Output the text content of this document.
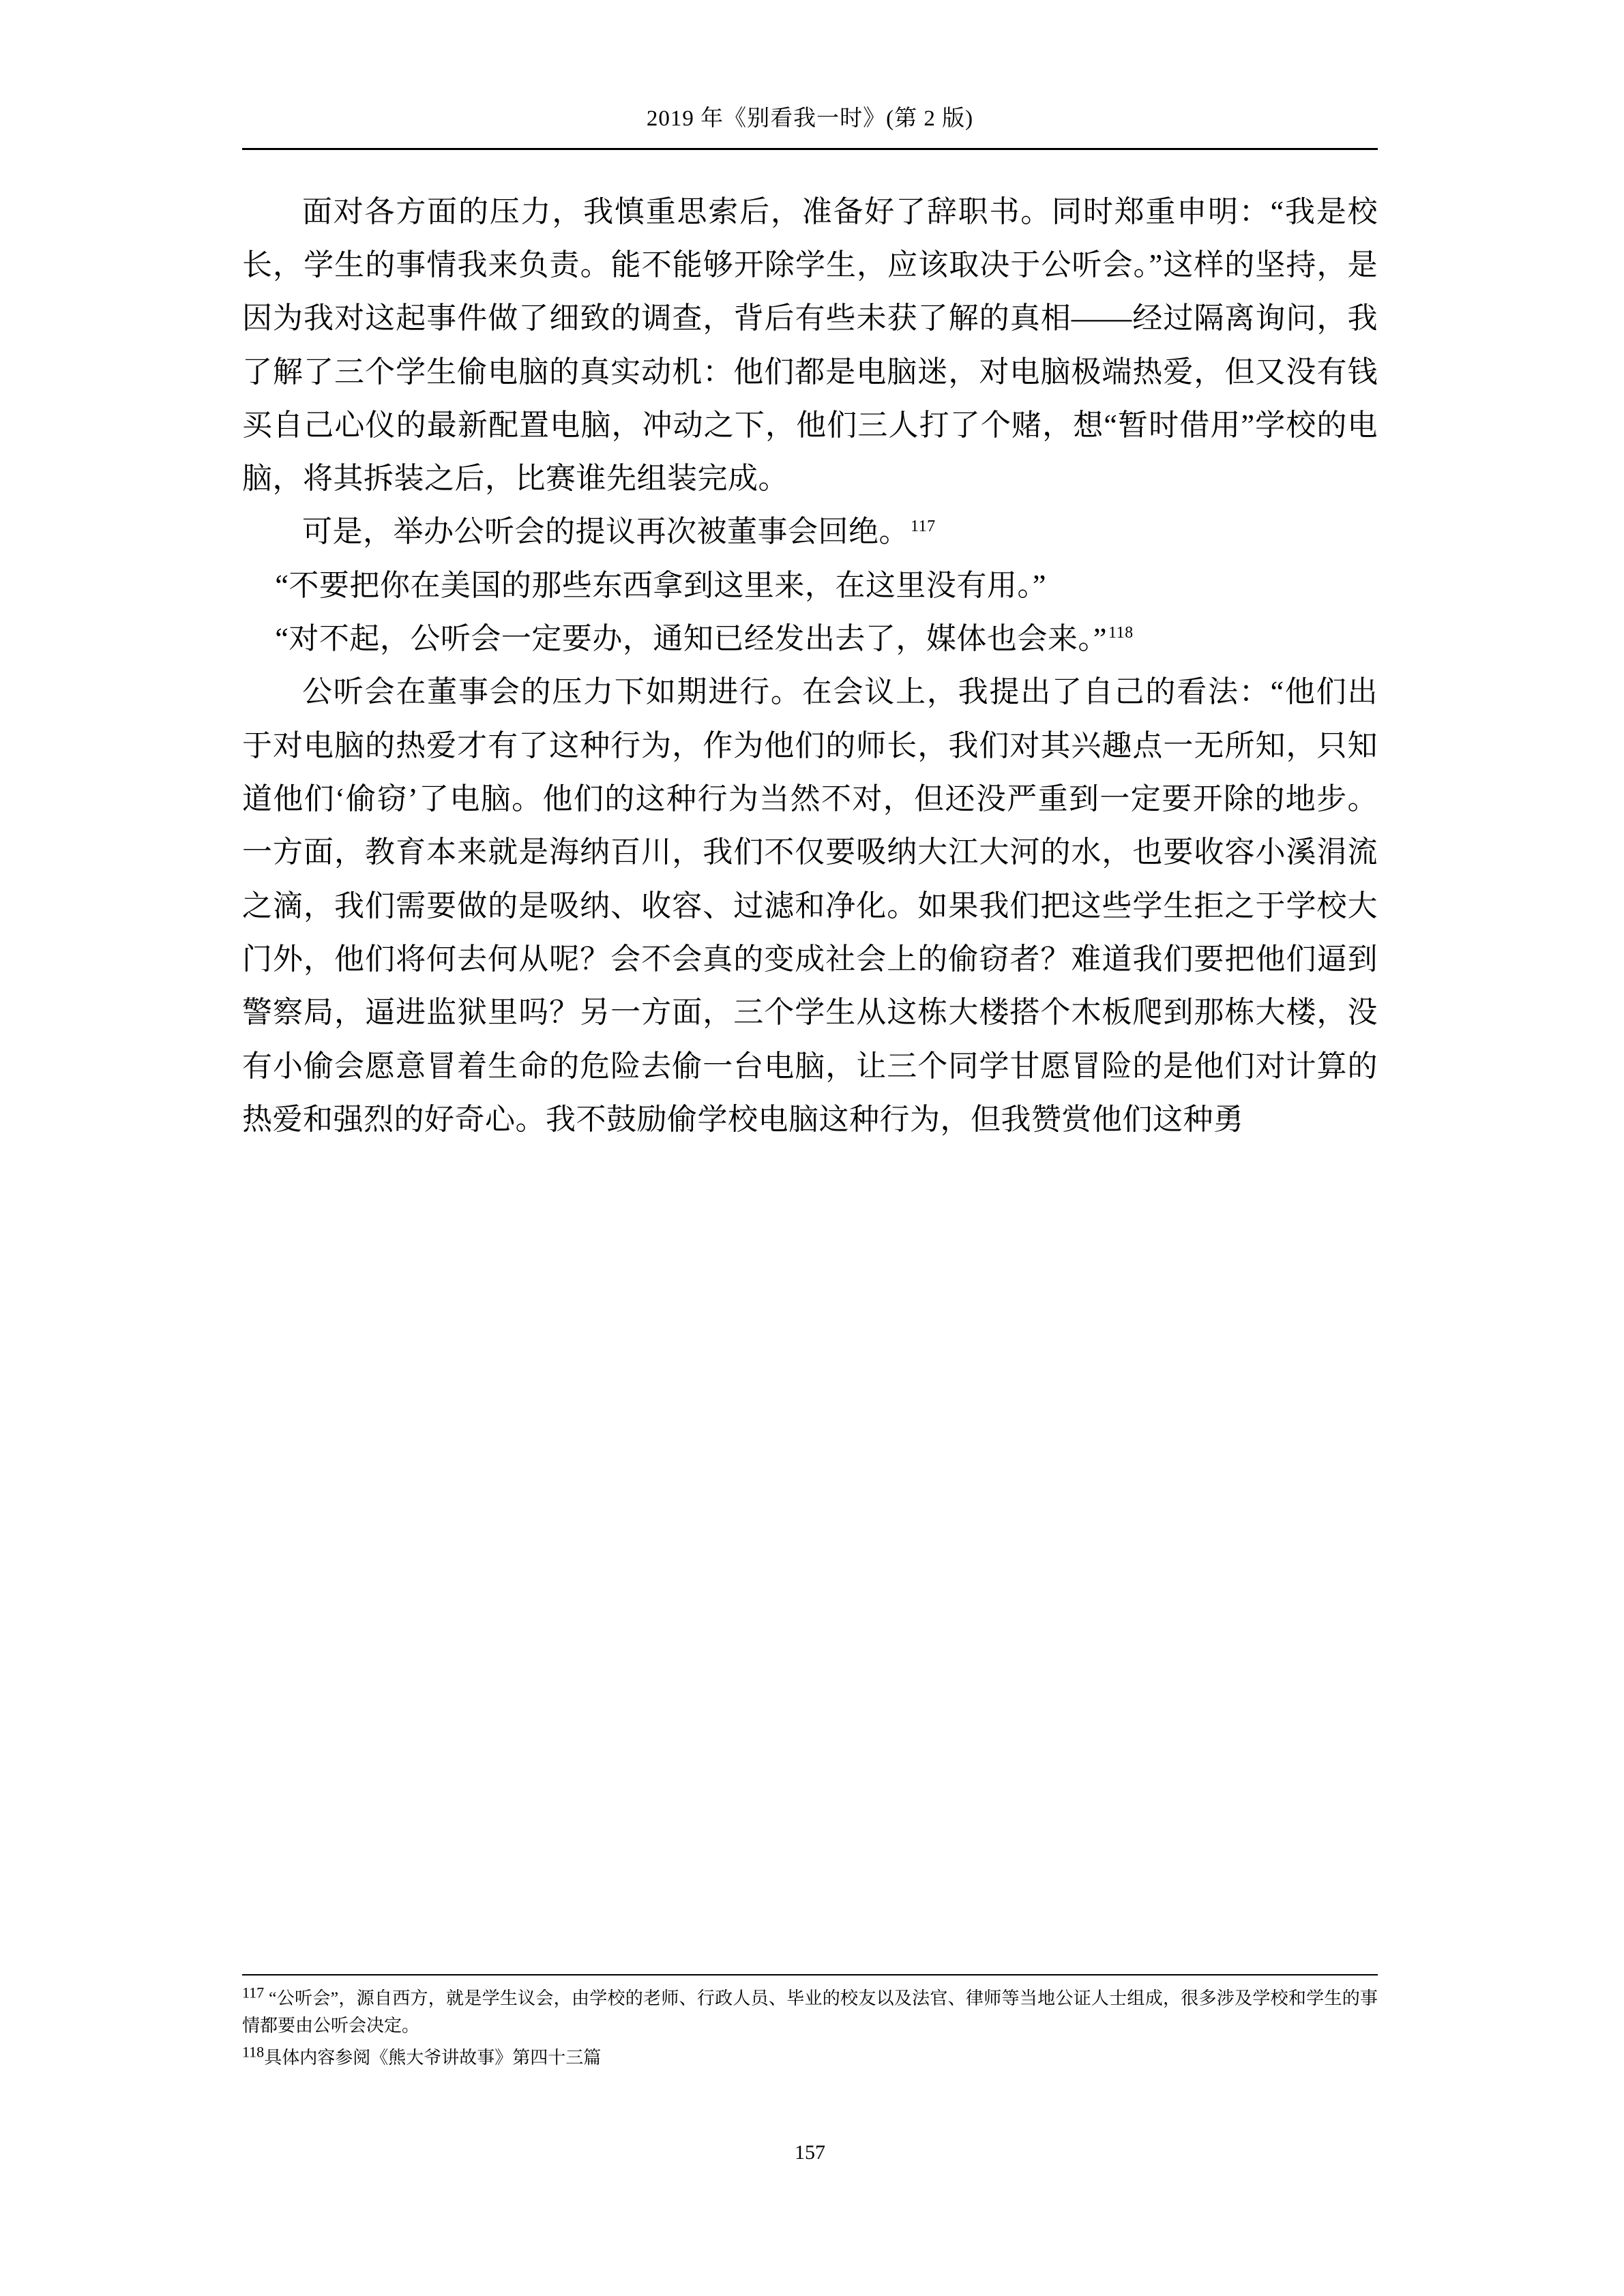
2019 年《别看我一时》(第 2 版)

面对各方面的压力，我慎重思索后，准备好了辞职书。同时郑重申明：“我是校长，学生的事情我来负责。能不能够开除学生，应该取决于公听会。”这样的坚持，是因为我对这起事件做了细致的调查，背后有些未获了解的真相——经过隔离询问，我了解了三个学生偷电脑的真实动机：他们都是电脑迷，对电脑极端热爱，但又没有钱买自己心仪的最新配置电脑，冲动之下，他们三人打了个赌，想“暂时借用”学校的电脑，将其拆装之后，比赛谁先组装完成。

可是，举办公听会的提议再次被董事会回绝。$^{117}$

“不要把你在美国的那些东西拿到这里来，在这里没有用。”

“对不起，公听会一定要办，通知已经发出去了，媒体也会来。”$^{118}$

公听会在董事会的压力下如期进行。在会议上，我提出了自己的看法：“他们出于对电脑的热爱才有了这种行为，作为他们的师长，我们对其兴趣点一无所知，只知道他们‘偷窃’了电脑。他们的这种行为当然不对，但还没严重到一定要开除的地步。一方面，教育本来就是海纳百川，我们不仅要吸纳大江大河的水，也要收容小溪涓流之滴，我们需要做的是吸纳、收容、过滤和净化。如果我们把这些学生拒之于学校大门外，他们将何去何从呢？会不会真的变成社会上的偷窃者？难道我们要把他们逼到警察局，逼进监狱里吗？另一方面，三个学生从这栋大楼搭个木板爬到那栋大楼，没有小偷会愿意冒着生命的危险去偷一台电脑，让三个同学甘愿冒险的是他们对计算的热爱和强烈的好奇心。我不鼓励偷学校电脑这种行为，但我赞赏他们这种勇

$^{117}$ “公听会”，源自西方，就是学生议会，由学校的老师、行政人员、毕业的校友以及法官、律师等当地公证人士组成，很多涉及学校和学生的事情都要由公听会决定。

$^{118}$具体内容参阅《熊大爷讲故事》第四十三篇

157
